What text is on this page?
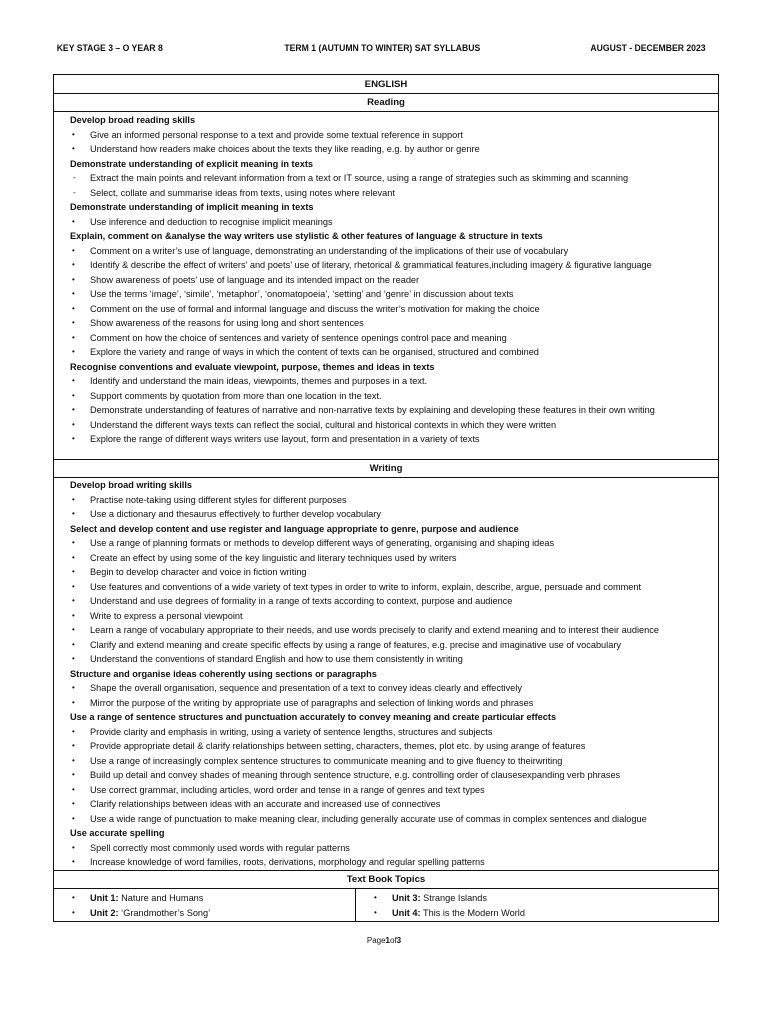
KEY STAGE 3 – O YEAR 8	TERM 1 (AUTUMN TO WINTER) SAT SYLLABUS	AUGUST - DECEMBER 2023
ENGLISH
Reading
Develop broad reading skills
• Give an informed personal response to a text and provide some textual reference in support
• Understand how readers make choices about the texts they like reading, e.g. by author or genre
Demonstrate understanding of explicit meaning in texts
- Extract the main points and relevant information from a text or IT source, using a range of strategies such as skimming and scanning
- Select, collate and summarise ideas from texts, using notes where relevant
Demonstrate understanding of implicit meaning in texts
• Use inference and deduction to recognise implicit meanings
Explain, comment on &analyse the way writers use stylistic & other features of language & structure in texts
• Comment on a writer’s use of language, demonstrating an understanding of the implications of their use of vocabulary
• Identify & describe the effect of writers’ and poets’ use of literary, rhetorical & grammatical features,including imagery & figurative language
• Show awareness of poets’ use of language and its intended impact on the reader
• Use the terms ‘image’, ‘simile’, ‘metaphor’, ‘onomatopoeia’, ‘setting’ and ‘genre’ in discussion about texts
• Comment on the use of formal and informal language and discuss the writer’s motivation for making the choice
• Show awareness of the reasons for using long and short sentences
• Comment on how the choice of sentences and variety of sentence openings control pace and meaning
• Explore the variety and range of ways in which the content of texts can be organised, structured and combined
Recognise conventions and evaluate viewpoint, purpose, themes and ideas in texts
• Identify and understand the main ideas, viewpoints, themes and purposes in a text.
• Support comments by quotation from more than one location in the text.
• Demonstrate understanding of features of narrative and non-narrative texts by explaining and developing these features in their own writing
• Understand the different ways texts can reflect the social, cultural and historical contexts in which they were written
• Explore the range of different ways writers use layout, form and presentation in a variety of texts
Writing
Develop broad writing skills
• Practise note-taking using different styles for different purposes
• Use a dictionary and thesaurus effectively to further develop vocabulary
Select and develop content and use register and language appropriate to genre, purpose and audience
• Use a range of planning formats or methods to develop different ways of generating, organising and shaping ideas
• Create an effect by using some of the key linguistic and literary techniques used by writers
• Begin to develop character and voice in fiction writing
• Use features and conventions of a wide variety of text types in order to write to inform, explain, describe, argue, persuade and comment
• Understand and use degrees of formality in a range of texts according to context, purpose and audience
• Write to express a personal viewpoint
• Learn a range of vocabulary appropriate to their needs, and use words precisely to clarify and extend meaning and to interest their audience
• Clarify and extend meaning and create specific effects by using a range of features, e.g. precise and imaginative use of vocabulary
• Understand the conventions of standard English and how to use them consistently in writing
Structure and organise ideas coherently using sections or paragraphs
• Shape the overall organisation, sequence and presentation of a text to convey ideas clearly and effectively
• Mirror the purpose of the writing by appropriate use of paragraphs and selection of linking words and phrases
Use a range of sentence structures and punctuation accurately to convey meaning and create particular effects
• Provide clarity and emphasis in writing, using a variety of sentence lengths, structures and subjects
• Provide appropriate detail & clarify relationships between setting, characters, themes, plot etc. by using arange of features
• Use a range of increasingly complex sentence structures to communicate meaning and to give fluency to theirwriting
• Build up detail and convey shades of meaning through sentence structure, e.g. controlling order of clausesexpanding verb phrases
• Use correct grammar, including articles, word order and tense in a range of genres and text types
• Clarify relationships between ideas with an accurate and increased use of connectives
• Use a wide range of punctuation to make meaning clear, including generally accurate use of commas in complex sentences and dialogue
Use accurate spelling
• Spell correctly most commonly used words with regular patterns
• Increase knowledge of word families, roots, derivations, morphology and regular spelling patterns
Text Book Topics
• Unit 1: Nature and Humans
• Unit 2: ‘Grandmother’s Song’
• Unit 3: Strange Islands
• Unit 4: This is the Modern World
Page1of3
